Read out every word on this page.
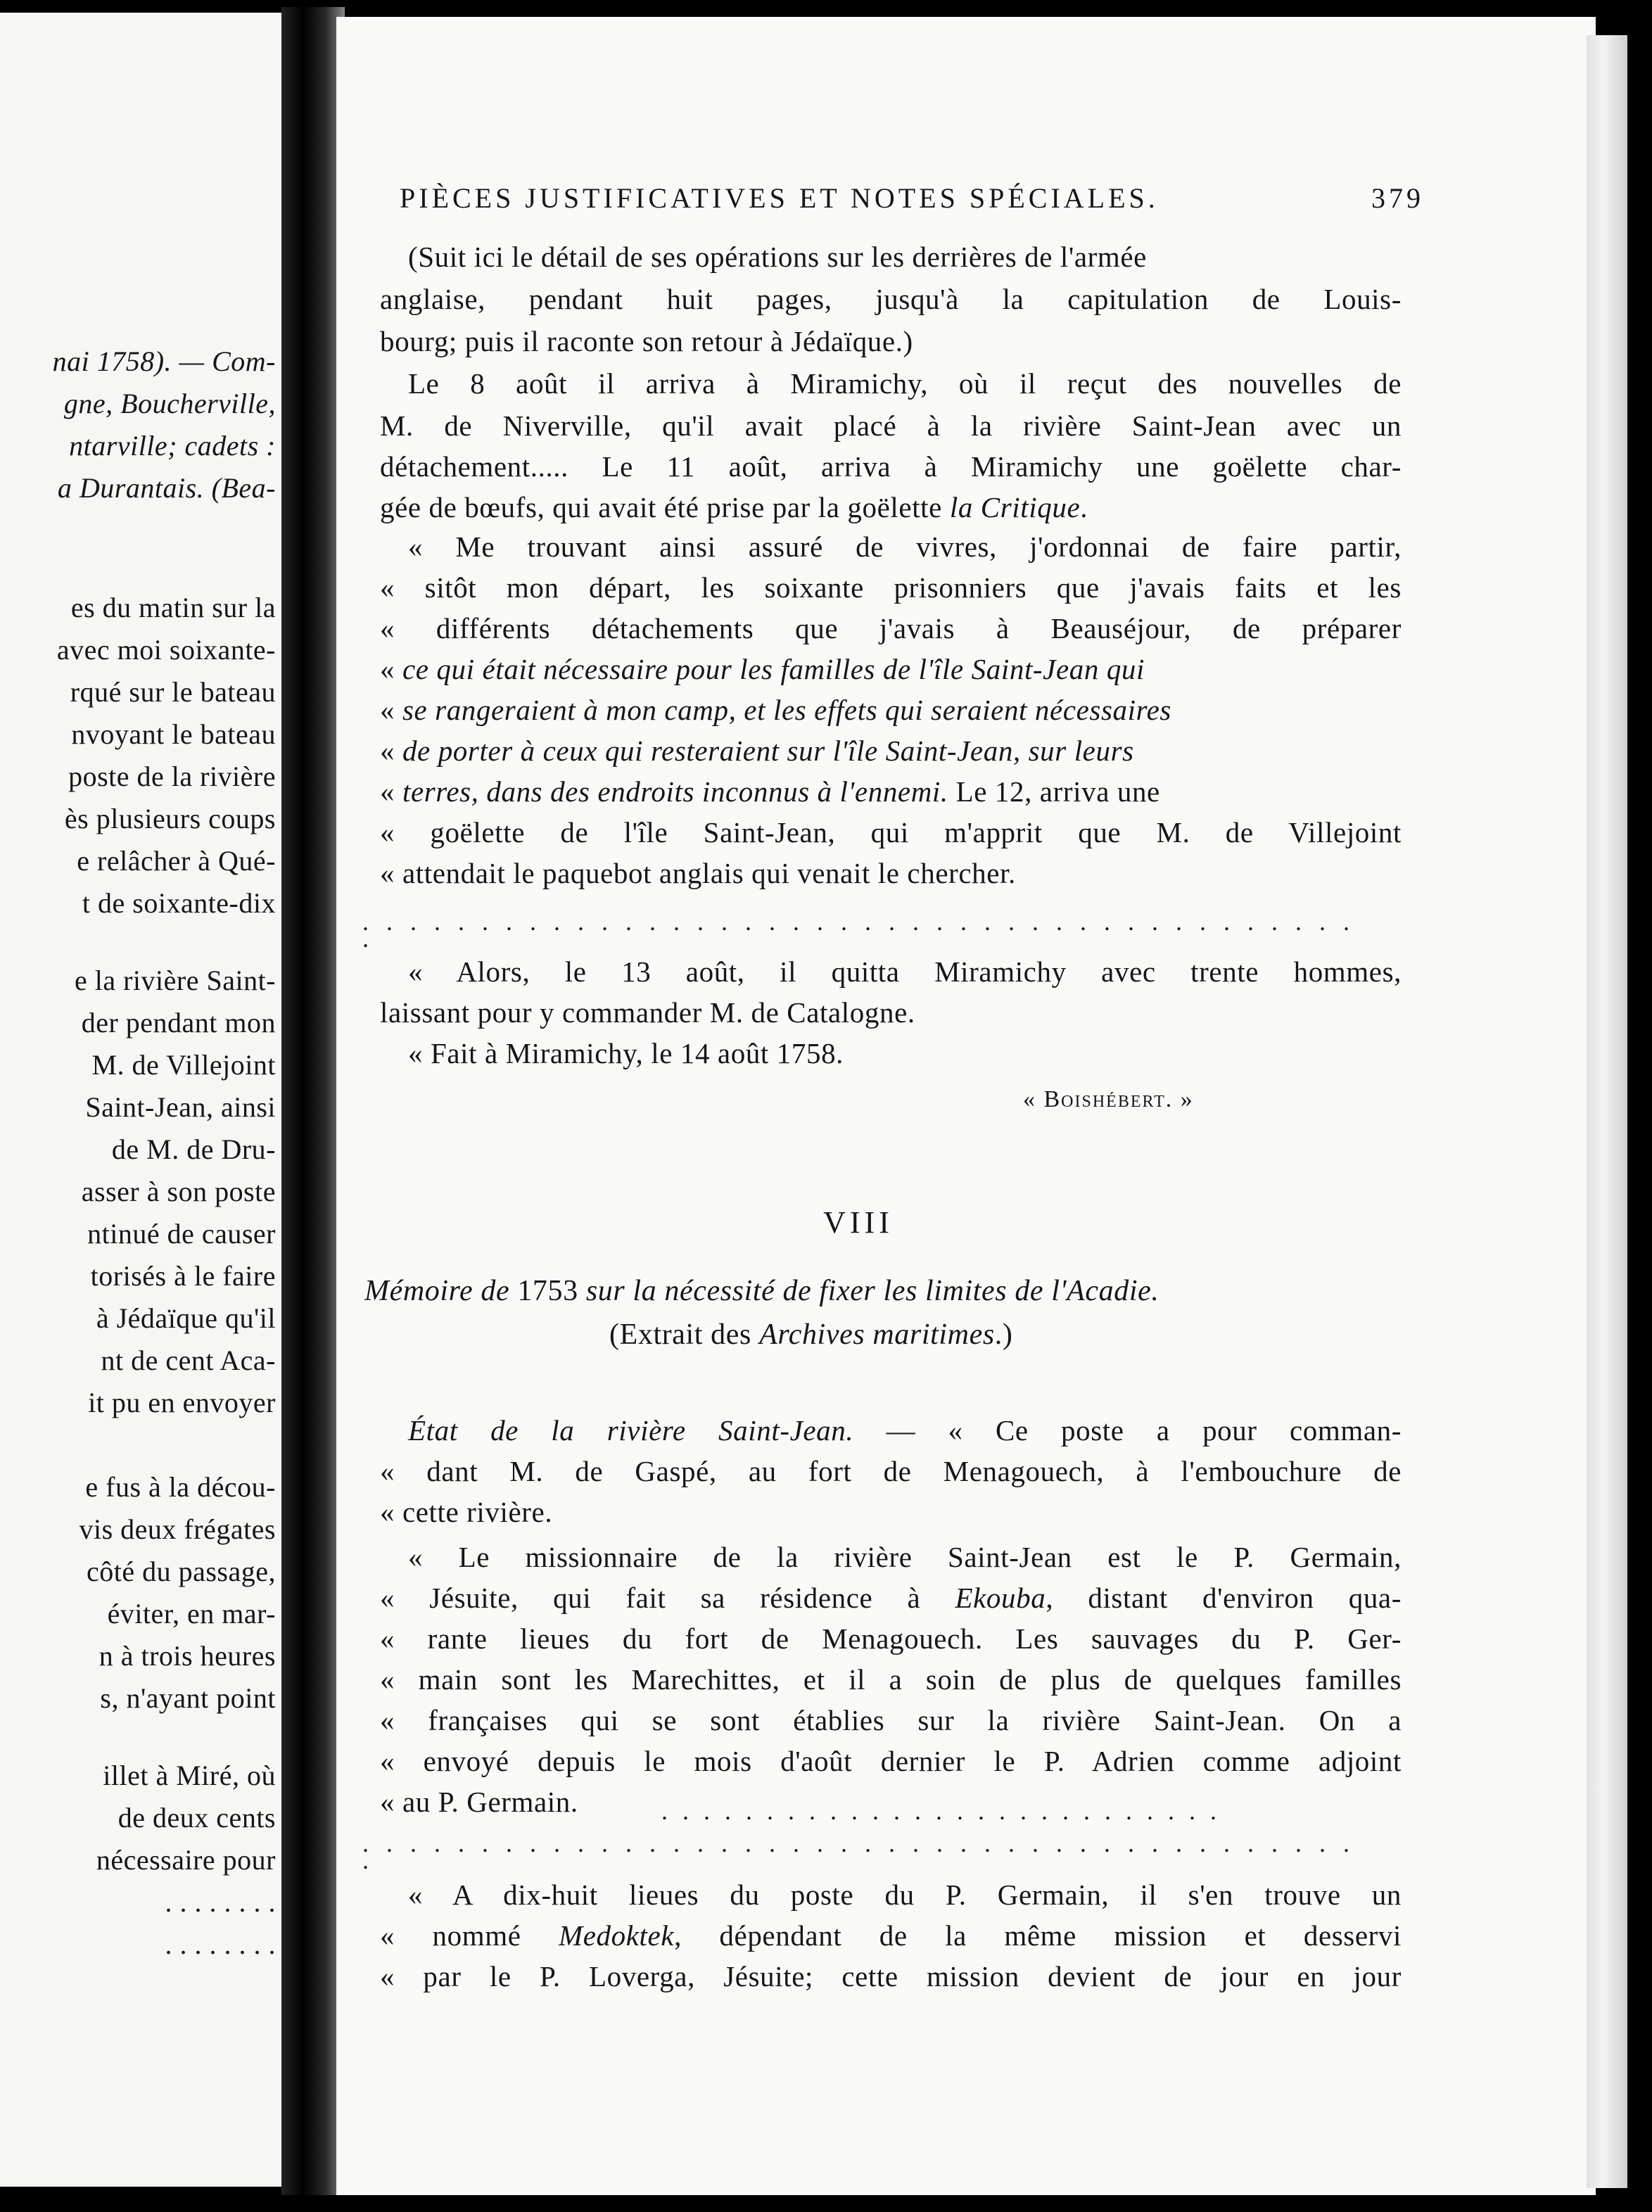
nai 1758). — Com-
gne, Boucherville,
ntarville; cadets :
a Durantais. (Bea-
es du matin sur la
avec moi soixante-
rqué sur le bateau
nvoyant le bateau
poste de la rivière
ès plusieurs coups
e relâcher à Qué-
t de soixante-dix
e la rivière Saint-
der pendant mon
M. de Villejoint
Saint-Jean, ainsi
de M. de Dru-
asser à son poste
ntinué de causer
torisés à le faire
à Jédaïque qu'il
nt de cent Aca-
it pu en envoyer
e fus à la décou-
vis deux frégates
côté du passage,
éviter, en mar-
n à trois heures
s, n'ayant point
illet à Miré, où
de deux cents
nécessaire pour
. . . . . . . .
. . . . . . . .
PIÈCES JUSTIFICATIVES ET NOTES SPÉCIALES.	379
(Suit ici le détail de ses opérations sur les derrières de l'armée
anglaise, pendant huit pages, jusqu'à la capitulation de Louis-
bourg; puis il raconte son retour à Jédaïque.)
Le 8 août il arriva à Miramichy, où il reçut des nouvelles de
M. de Niverville, qu'il avait placé à la rivière Saint-Jean avec un
détachement..... Le 11 août, arriva à Miramichy une goëlette char-
gée de bœufs, qui avait été prise par la goëlette la Critique.
« Me trouvant ainsi assuré de vivres, j'ordonnai de faire partir,
« sitôt mon départ, les soixante prisonniers que j'avais faits et les
« différents détachements que j'avais à Beauséjour, de préparer
« ce qui était nécessaire pour les familles de l'île Saint-Jean qui
« se rangeraient à mon camp, et les effets qui seraient nécessaires
« de porter à ceux qui resteraient sur l'île Saint-Jean, sur leurs
« terres, dans des endroits inconnus à l'ennemi. Le 12, arriva une
« goëlette de l'île Saint-Jean, qui m'apprit que M. de Villejoint
« attendait le paquebot anglais qui venait le chercher.
. . . . . . . . . . . . . . . . . . . . . . . . . . . . . . . . . . . . . . . . . . .
« Alors, le 13 août, il quitta Miramichy avec trente hommes,
laissant pour y commander M. de Catalogne.
« Fait à Miramichy, le 14 août 1758.
« Boishébert. »
VIII
Mémoire de 1753 sur la nécessité de fixer les limites de l'Acadie.
(Extrait des Archives maritimes.)
État de la rivière Saint-Jean. — « Ce poste a pour comman-
« dant M. de Gaspé, au fort de Menagouech, à l'embouchure de
« cette rivière.
« Le missionnaire de la rivière Saint-Jean est le P. Germain,
« Jésuite, qui fait sa résidence à Ekouba, distant d'environ qua-
« rante lieues du fort de Menagouech. Les sauvages du P. Ger-
« main sont les Marechittes, et il a soin de plus de quelques familles
« françaises qui se sont établies sur la rivière Saint-Jean. On a
« envoyé depuis le mois d'août dernier le P. Adrien comme adjoint
« au P. Germain.	. . . . . . . . . . . . . . . . . . . . . . . . . . .
. . . . . . . . . . . . . . . . . . . . . . . . . . . . . . . . . . . . . . . . . . .
« A dix-huit lieues du poste du P. Germain, il s'en trouve un
« nommé Medoktek, dépendant de la même mission et desservi
« par le P. Loverga, Jésuite; cette mission devient de jour en jour
